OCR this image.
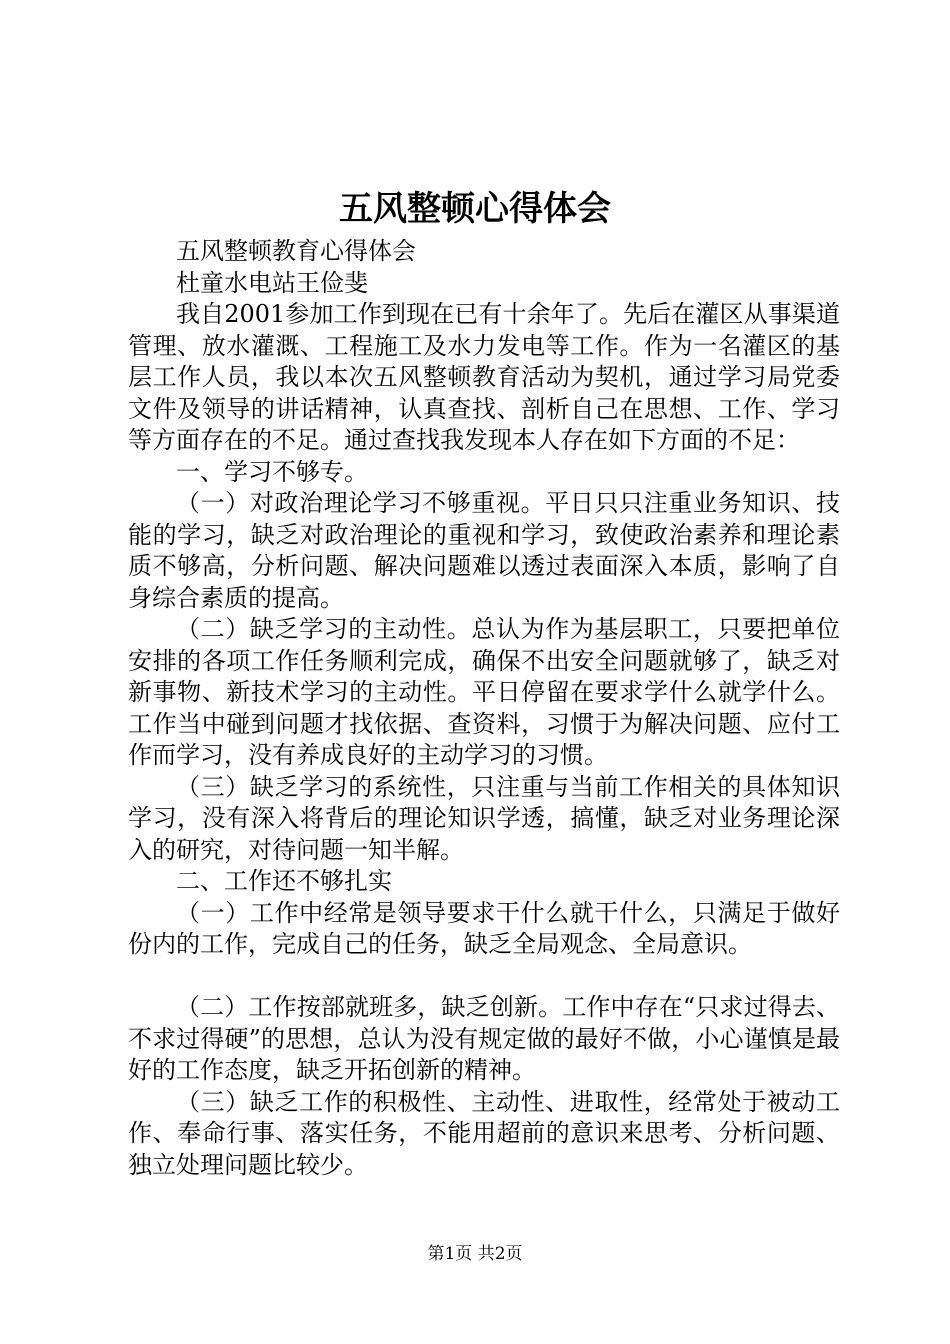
五风整顿心得体会

五风整顿教育心得体会

杜童水电站王俭斐

我自2001参加工作到现在已有十余年了。先后在灌区从事渠道管理、放水灌溉、工程施工及水力发电等工作。作为一名灌区的基层工作人员，我以本次五风整顿教育活动为契机，通过学习局党委文件及领导的讲话精神，认真查找、剖析自己在思想、工作、学习等方面存在的不足。通过查找我发现本人存在如下方面的不足：

一、学习不够专。

（一）对政治理论学习不够重视。平日只只注重业务知识、技能的学习，缺乏对政治理论的重视和学习，致使政治素养和理论素质不够高，分析问题、解决问题难以透过表面深入本质，影响了自身综合素质的提高。

（二）缺乏学习的主动性。总认为作为基层职工，只要把单位安排的各项工作任务顺利完成，确保不出安全问题就够了，缺乏对新事物、新技术学习的主动性。平日停留在要求学什么就学什么。工作当中碰到问题才找依据、查资料，习惯于为解决问题、应付工作而学习，没有养成良好的主动学习的习惯。

（三）缺乏学习的系统性，只注重与当前工作相关的具体知识学习，没有深入将背后的理论知识学透，搞懂，缺乏对业务理论深入的研究，对待问题一知半解。

二、工作还不够扎实

（一）工作中经常是领导要求干什么就干什么，只满足于做好份内的工作，完成自己的任务，缺乏全局观念、全局意识。

（二）工作按部就班多，缺乏创新。工作中存在“只求过得去、不求过得硬”的思想，总认为没有规定做的最好不做，小心谨慎是最好的工作态度，缺乏开拓创新的精神。

（三）缺乏工作的积极性、主动性、进取性，经常处于被动工作、奉命行事、落实任务，不能用超前的意识来思考、分析问题、独立处理问题比较少。

第1页 共2页
